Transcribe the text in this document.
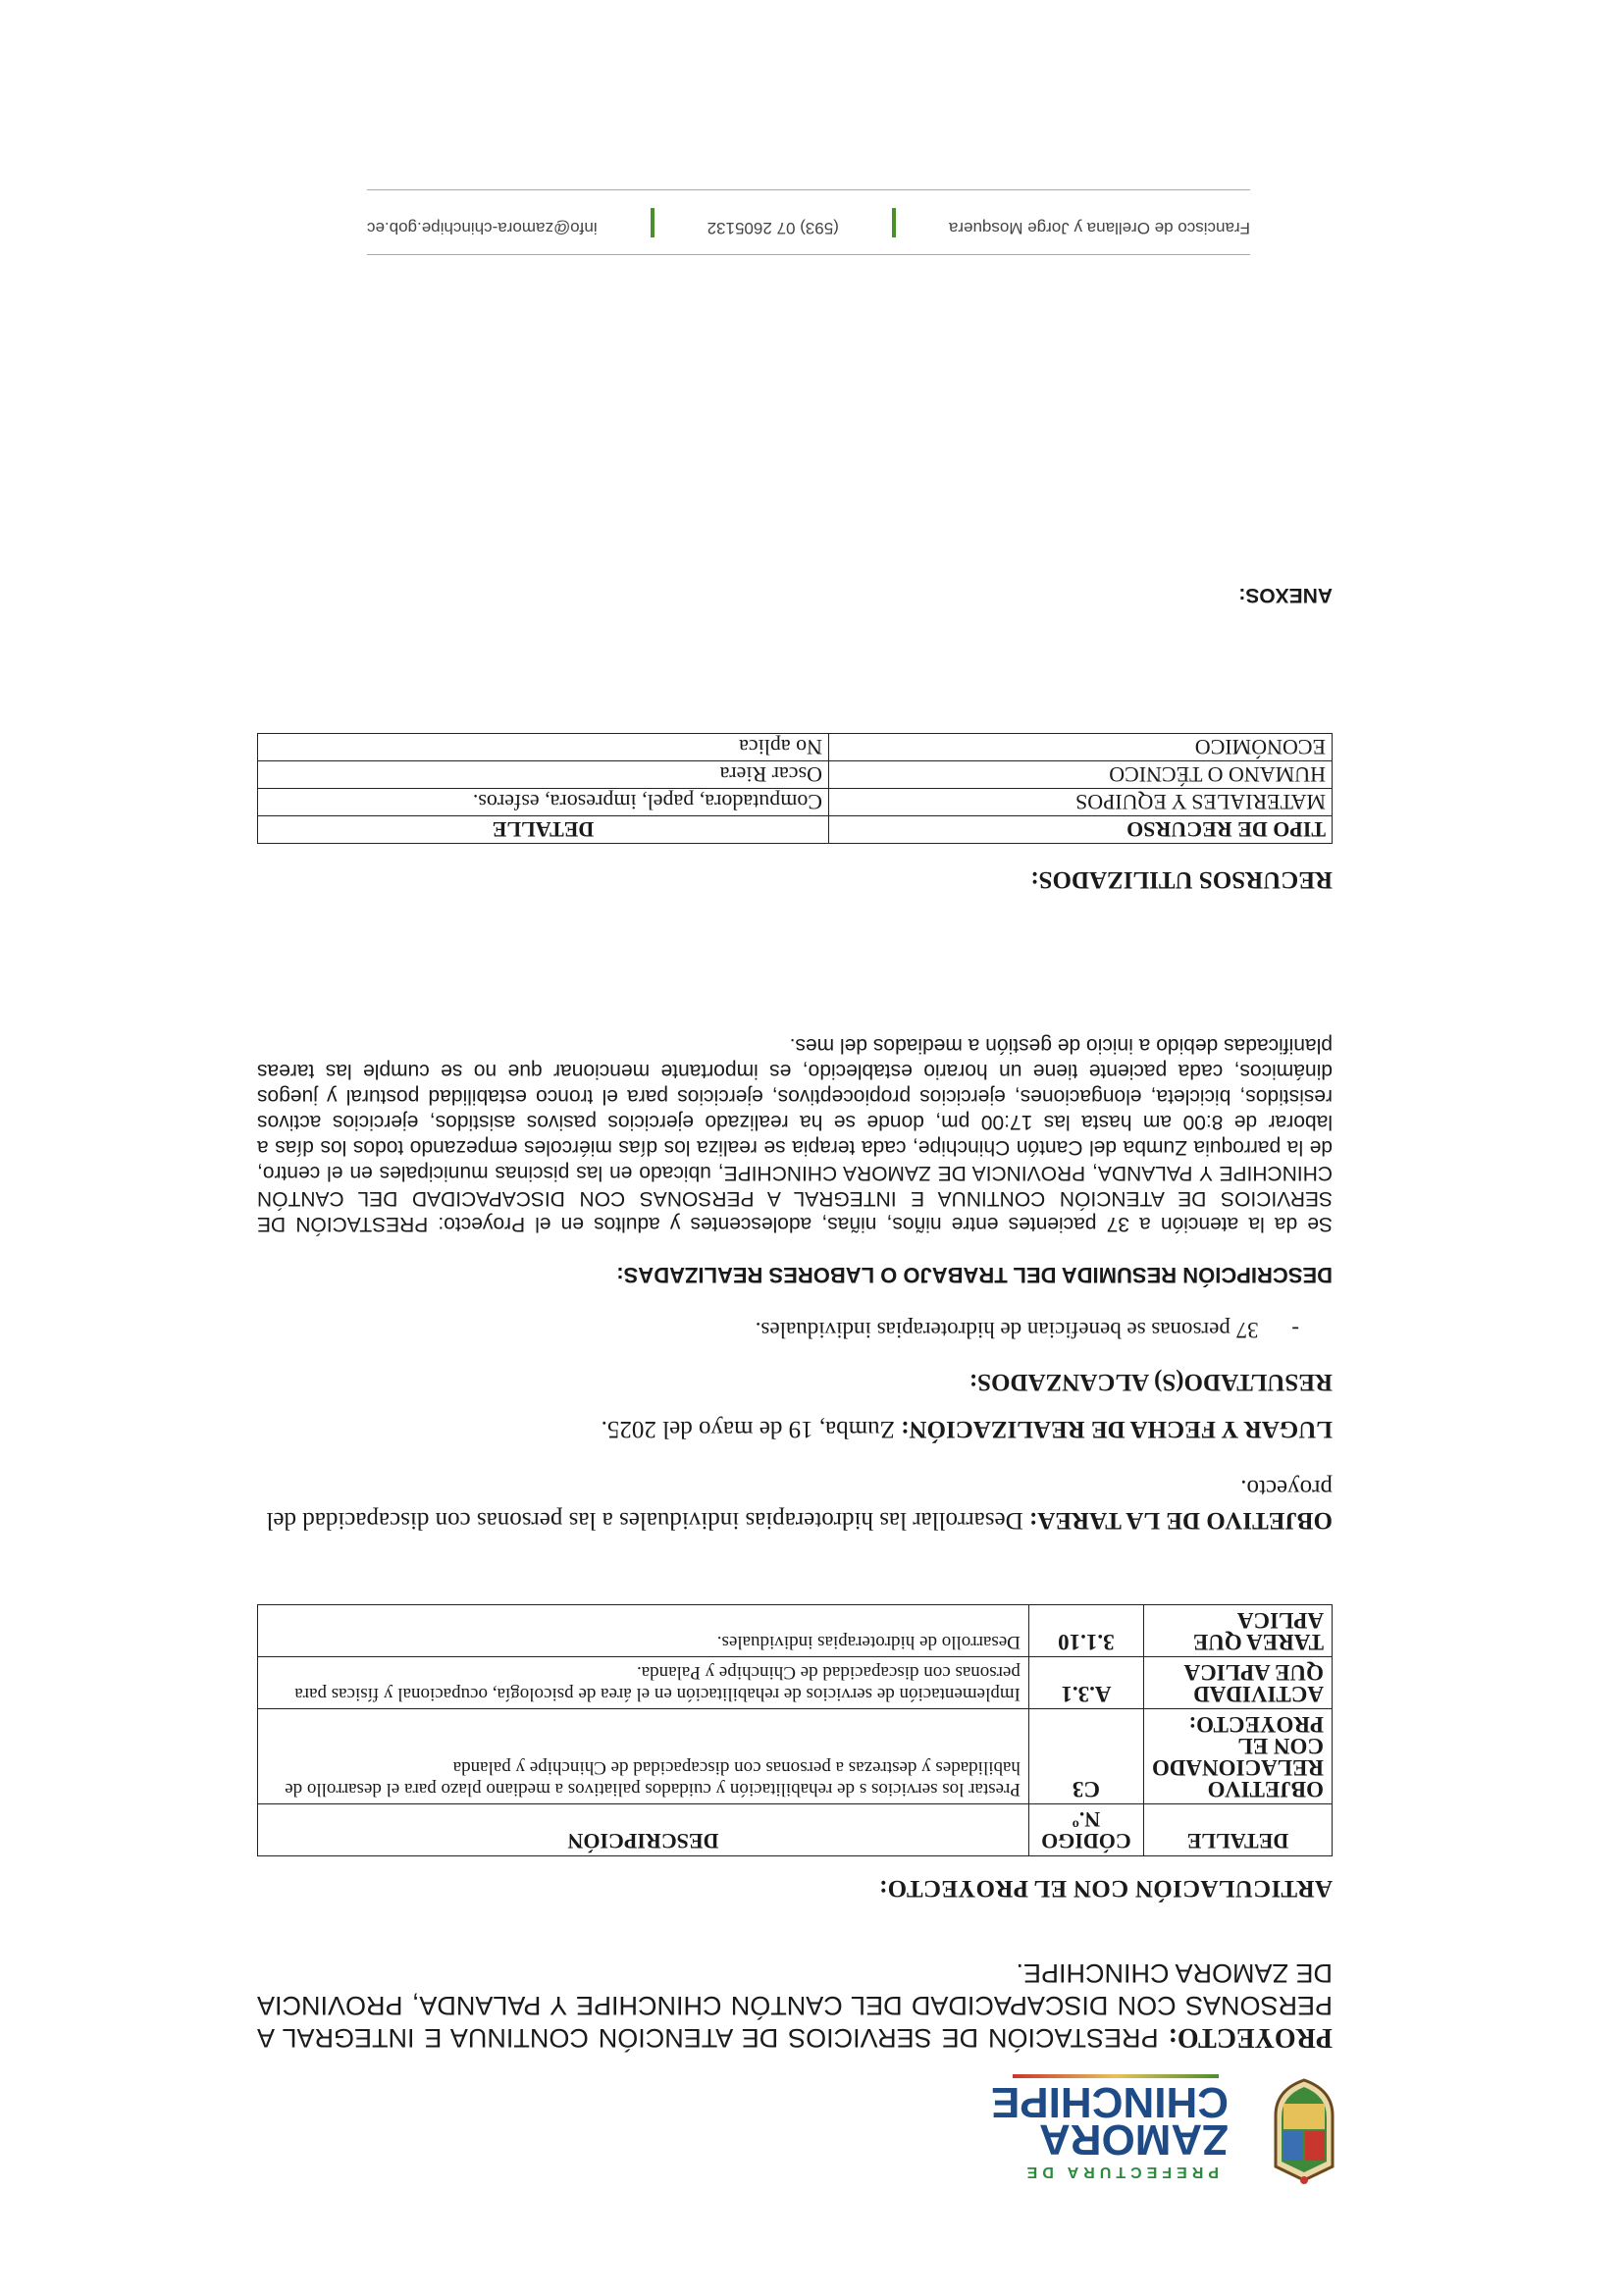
PREFECTURA DE
ZAMORA
CHINCHIPE
PROYECTO: PRESTACIÓN DE SERVICIOS DE ATENCIÓN CONTINUA E INTEGRAL A PERSONAS CON DISCAPACIDAD DEL CANTÓN CHINCHIPE Y PALANDA, PROVINCIA DE ZAMORA CHINCHIPE.
ARTICULACIÓN CON EL PROYECTO:
DETALLE	CÓDIGO N.º	DESCRIPCIÓN
OBJETIVO RELACIONADO CON EL PROYECTO:	C3	Prestar los servicios s de rehabilitación y cuidados paliativos a mediano plazo para el desarrollo de habilidades y destrezas a personas con discapacidad de Chinchipe y palanda
ACTIVIDAD QUE APLICA	A.3.1	Implementación de servicios de rehabilitación en el área de psicología, ocupacional y físicas para personas con discapacidad de Chinchipe y Palanda.
TAREA QUE APLICA	3.1.10	Desarrollo de hidroterapias individuales.
OBJETIVO DE LA TAREA: Desarrollar las hidroterapias individuales a las personas con discapacidad del proyecto.
LUGAR Y FECHA DE REALIZACIÓN: Zumba, 19 de mayo del 2025.
RESULTADO(S) ALCANZADOS:
- 37 personas se benefician de hidroterapias individuales.
DESCRIPCIÓN RESUMIDA DEL TRABAJO O LABORES REALIZADAS:
Se da la atención a 37 pacientes entre niños, niñas, adolescentes y adultos en el Proyecto: PRESTACIÓN DE SERVICIOS DE ATENCIÓN CONTINUA E INTEGRAL A PERSONAS CON DISCAPACIDAD DEL CANTÓN CHINCHIPE Y PALANDA, PROVINCIA DE ZAMORA CHINCHIPE, ubicado en las piscinas municipales en el centro, de la parroquia Zumba del Cantón Chinchipe, cada terapia se realiza los días miércoles empezando todos los días a laborar de 8:00 am hasta las 17:00 pm, donde se ha realizado ejercicios pasivos asistidos, ejercicios activos resistidos, bicicleta, elongaciones, ejercicios propioceptivos, ejercicios para el tronco estabilidad postural y juegos dinámicos, cada paciente tiene un horario establecido, es importante mencionar que no se cumple las tareas planificadas debido a inicio de gestión a mediados del mes.
RECURSOS UTILIZADOS:
TIPO DE RECURSO	DETALLE
MATERIALES Y EQUIPOS	Computadora, papel, impresora, esferos.
HUMANO O TÉCNICO	Oscar Riera
ECONÓMICO	No aplica
ANEXOS:
Francisco de Orellana y Jorge Mosquera
(593) 07 2605132
info@zamora-chinchipe.gob.ec
